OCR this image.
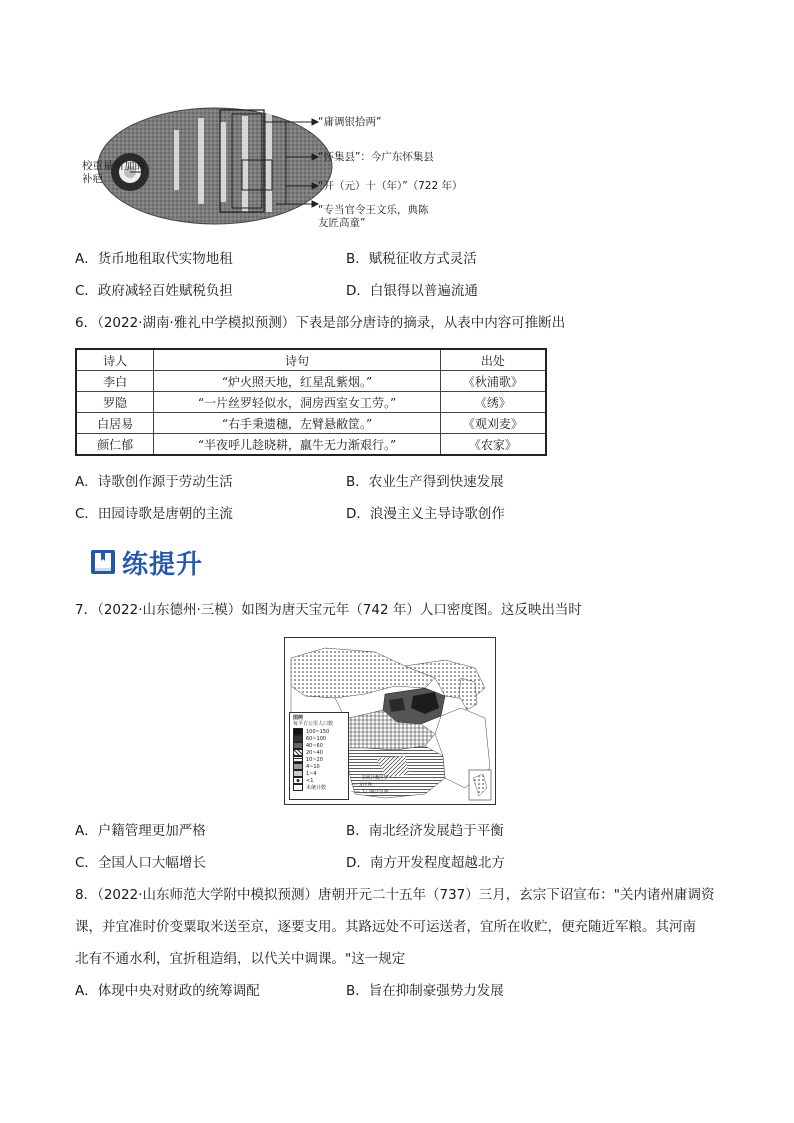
校重量所加的
补疤
“庸调银拾两”
“怀集县”：今广东怀集县
“开（元）十（年）”（722 年）
“专当官令王文乐，典陈
友匠高童”
A．货币地租取代实物地租	B．赋税征收方式灵活
C．政府减轻百姓赋税负担	D．白银得以普遍流通
6．（2022·湖南·雅礼中学模拟预测）下表是部分唐诗的摘录，从表中内容可推断出
诗人	诗句	出处
李白	“炉火照天地，红星乱紫烟。”	《秋浦歌》
罗隐	“一片丝罗轻似水，洞房西室女工劳。”	《绣》
白居易	“右手秉遗穗，左臂悬敝筐。”	《观刈麦》
颜仁郁	“半夜呼儿趁晓耕，羸牛无力渐艰行。”	《农家》
A．诗歌创作源于劳动生活	B．农业生产得到快速发展
C．田园诗歌是唐朝的主流	D．浪漫主义主导诗歌创作
练提升
7．（2022·山东德州·三模）如图为唐天宝元年（742 年）人口密度图。这反映出当时
图例
每平方公里人口数
100~150
60~100
40~60
20~40
10~20
4~10
1~4
<1
未统计数
⋯⋯ 未统计数区界
-·-· 分区界
—— 人口统计区界
A．户籍管理更加严格	B．南北经济发展趋于平衡
C．全国人口大幅增长	D．南方开发程度超越北方
8．（2022·山东师范大学附中模拟预测）唐朝开元二十五年（737）三月，玄宗下诏宣布："关内诸州庸调资
课，并宜准时价变粟取米送至京，逐要支用。其路远处不可运送者，宜所在收贮，便充随近军粮。其河南
北有不通水利，宜折租造绢，以代关中调课。"这一规定
A．体现中央对财政的统筹调配	B．旨在抑制豪强势力发展
